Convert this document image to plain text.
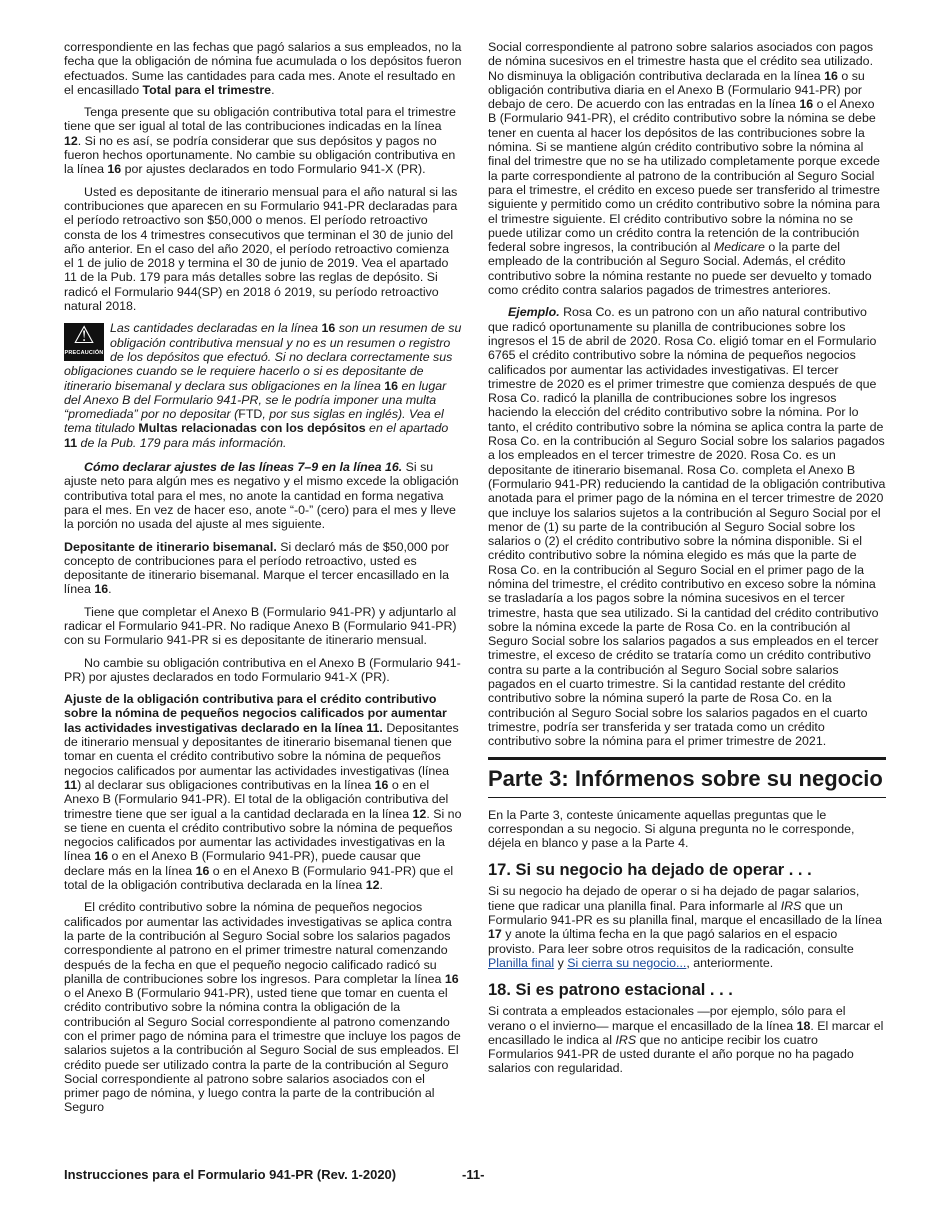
correspondiente en las fechas que pagó salarios a sus empleados, no la fecha que la obligación de nómina fue acumulada o los depósitos fueron efectuados. Sume las cantidades para cada mes. Anote el resultado en el encasillado Total para el trimestre.

Tenga presente que su obligación contributiva total para el trimestre tiene que ser igual al total de las contribuciones indicadas en la línea 12. Si no es así, se podría considerar que sus depósitos y pagos no fueron hechos oportunamente. No cambie su obligación contributiva en la línea 16 por ajustes declarados en todo Formulario 941-X (PR).

Usted es depositante de itinerario mensual para el año natural si las contribuciones que aparecen en su Formulario 941-PR declaradas para el período retroactivo son $50,000 o menos. El período retroactivo consta de los 4 trimestres consecutivos que terminan el 30 de junio del año anterior. En el caso del año 2020, el período retroactivo comienza el 1 de julio de 2018 y termina el 30 de junio de 2019. Vea el apartado 11 de la Pub. 179 para más detalles sobre las reglas de depósito. Si radicó el Formulario 944(SP) en 2018 ó 2019, su período retroactivo natural 2018.

⚠
PRECAUCIÓN
Las cantidades declaradas en la línea 16 son un resumen de su obligación contributiva mensual y no es un resumen o registro de los depósitos que efectuó. Si no declara correctamente sus obligaciones cuando se le requiere hacerlo o si es depositante de itinerario bisemanal y declara sus obligaciones en la línea 16 en lugar del Anexo B del Formulario 941-PR, se le podría imponer una multa “promediada” por no depositar (FTD, por sus siglas en inglés). Vea el tema titulado Multas relacionadas con los depósitos en el apartado 11 de la Pub. 179 para más información.

Cómo declarar ajustes de las líneas 7–9 en la línea 16. Si su ajuste neto para algún mes es negativo y el mismo excede la obligación contributiva total para el mes, no anote la cantidad en forma negativa para el mes. En vez de hacer eso, anote “-0-” (cero) para el mes y lleve la porción no usada del ajuste al mes siguiente.

Depositante de itinerario bisemanal. Si declaró más de $50,000 por concepto de contribuciones para el período retroactivo, usted es depositante de itinerario bisemanal. Marque el tercer encasillado en la línea 16.

Tiene que completar el Anexo B (Formulario 941-PR) y adjuntarlo al radicar el Formulario 941-PR. No radique Anexo B (Formulario 941-PR) con su Formulario 941-PR si es depositante de itinerario mensual.

No cambie su obligación contributiva en el Anexo B (Formulario 941-PR) por ajustes declarados en todo Formulario 941-X (PR).

Ajuste de la obligación contributiva para el crédito contributivo sobre la nómina de pequeños negocios calificados por aumentar las actividades investigativas declarado en la línea 11. Depositantes de itinerario mensual y depositantes de itinerario bisemanal tienen que tomar en cuenta el crédito contributivo sobre la nómina de pequeños negocios calificados por aumentar las actividades investigativas (línea 11) al declarar sus obligaciones contributivas en la línea 16 o en el Anexo B (Formulario 941-PR). El total de la obligación contributiva del trimestre tiene que ser igual a la cantidad declarada en la línea 12. Si no se tiene en cuenta el crédito contributivo sobre la nómina de pequeños negocios calificados por aumentar las actividades investigativas en la línea 16 o en el Anexo B (Formulario 941-PR), puede causar que declare más en la línea 16 o en el Anexo B (Formulario 941-PR) que el total de la obligación contributiva declarada en la línea 12.

El crédito contributivo sobre la nómina de pequeños negocios calificados por aumentar las actividades investigativas se aplica contra la parte de la contribución al Seguro Social sobre los salarios pagados correspondiente al patrono en el primer trimestre natural comenzando después de la fecha en que el pequeño negocio calificado radicó su planilla de contribuciones sobre los ingresos. Para completar la línea 16 o el Anexo B (Formulario 941-PR), usted tiene que tomar en cuenta el crédito contributivo sobre la nómina contra la obligación de la contribución al Seguro Social correspondiente al patrono comenzando con el primer pago de nómina para el trimestre que incluye los pagos de salarios sujetos a la contribución al Seguro Social de sus empleados. El crédito puede ser utilizado contra la parte de la contribución al Seguro Social correspondiente al patrono sobre salarios asociados con el primer pago de nómina, y luego contra la parte de la contribución al Seguro

Social correspondiente al patrono sobre salarios asociados con pagos de nómina sucesivos en el trimestre hasta que el crédito sea utilizado. No disminuya la obligación contributiva declarada en la línea 16 o su obligación contributiva diaria en el Anexo B (Formulario 941-PR) por debajo de cero. De acuerdo con las entradas en la línea 16 o el Anexo B (Formulario 941-PR), el crédito contributivo sobre la nómina se debe tener en cuenta al hacer los depósitos de las contribuciones sobre la nómina. Si se mantiene algún crédito contributivo sobre la nómina al final del trimestre que no se ha utilizado completamente porque excede la parte correspondiente al patrono de la contribución al Seguro Social para el trimestre, el crédito en exceso puede ser transferido al trimestre siguiente y permitido como un crédito contributivo sobre la nómina para el trimestre siguiente. El crédito contributivo sobre la nómina no se puede utilizar como un crédito contra la retención de la contribución federal sobre ingresos, la contribución al Medicare o la parte del empleado de la contribución al Seguro Social. Además, el crédito contributivo sobre la nómina restante no puede ser devuelto y tomado como crédito contra salarios pagados de trimestres anteriores.

Ejemplo. Rosa Co. es un patrono con un año natural contributivo que radicó oportunamente su planilla de contribuciones sobre los ingresos el 15 de abril de 2020. Rosa Co. eligió tomar en el Formulario 6765 el crédito contributivo sobre la nómina de pequeños negocios calificados por aumentar las actividades investigativas. El tercer trimestre de 2020 es el primer trimestre que comienza después de que Rosa Co. radicó la planilla de contribuciones sobre los ingresos haciendo la elección del crédito contributivo sobre la nómina. Por lo tanto, el crédito contributivo sobre la nómina se aplica contra la parte de Rosa Co. en la contribución al Seguro Social sobre los salarios pagados a los empleados en el tercer trimestre de 2020. Rosa Co. es un depositante de itinerario bisemanal. Rosa Co. completa el Anexo B (Formulario 941-PR) reduciendo la cantidad de la obligación contributiva anotada para el primer pago de la nómina en el tercer trimestre de 2020 que incluye los salarios sujetos a la contribución al Seguro Social por el menor de (1) su parte de la contribución al Seguro Social sobre los salarios o (2) el crédito contributivo sobre la nómina disponible. Si el crédito contributivo sobre la nómina elegido es más que la parte de Rosa Co. en la contribución al Seguro Social en el primer pago de la nómina del trimestre, el crédito contributivo en exceso sobre la nómina se trasladaría a los pagos sobre la nómina sucesivos en el tercer trimestre, hasta que sea utilizado. Si la cantidad del crédito contributivo sobre la nómina excede la parte de Rosa Co. en la contribución al Seguro Social sobre los salarios pagados a sus empleados en el tercer trimestre, el exceso de crédito se trataría como un crédito contributivo contra su parte a la contribución al Seguro Social sobre salarios pagados en el cuarto trimestre. Si la cantidad restante del crédito contributivo sobre la nómina superó la parte de Rosa Co. en la contribución al Seguro Social sobre los salarios pagados en el cuarto trimestre, podría ser transferida y ser tratada como un crédito contributivo sobre la nómina para el primer trimestre de 2021.

Parte 3: Infórmenos sobre su negocio

En la Parte 3, conteste únicamente aquellas preguntas que le correspondan a su negocio. Si alguna pregunta no le corresponde, déjela en blanco y pase a la Parte 4.

17. Si su negocio ha dejado de operar . . .

Si su negocio ha dejado de operar o si ha dejado de pagar salarios, tiene que radicar una planilla final. Para informarle al IRS que un Formulario 941-PR es su planilla final, marque el encasillado de la línea 17 y anote la última fecha en la que pagó salarios en el espacio provisto. Para leer sobre otros requisitos de la radicación, consulte Planilla final y Si cierra su negocio..., anteriormente.

18. Si es patrono estacional . . .

Si contrata a empleados estacionales —por ejemplo, sólo para el verano o el invierno— marque el encasillado de la línea 18. El marcar el encasillado le indica al IRS que no anticipe recibir los cuatro Formularios 941-PR de usted durante el año porque no ha pagado salarios con regularidad.

Instrucciones para el Formulario 941-PR (Rev. 1-2020)	-11-
